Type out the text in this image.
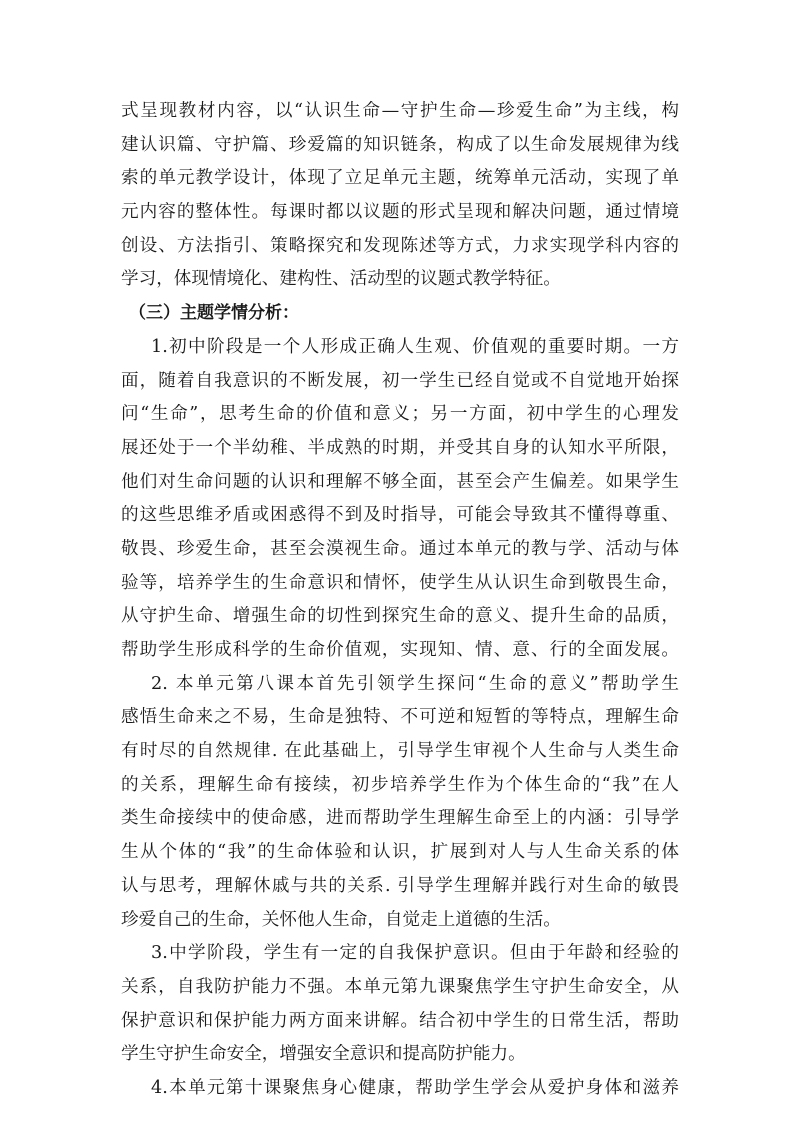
式呈现教材内容，以“认识生命—守护生命—珍爱生命”为主线，构
建认识篇、守护篇、珍爱篇的知识链条，构成了以生命发展规律为线
索的单元教学设计，体现了立足单元主题，统筹单元活动，实现了单
元内容的整体性。每课时都以议题的形式呈现和解决问题，通过情境
创设、方法指引、策略探究和发现陈述等方式，力求实现学科内容的
学习，体现情境化、建构性、活动型的议题式教学特征。
（三）主题学情分析：
1.初中阶段是一个人形成正确人生观、价值观的重要时期。一方
面，随着自我意识的不断发展，初一学生已经自觉或不自觉地开始探
问“生命”，思考生命的价值和意义；另一方面，初中学生的心理发
展还处于一个半幼稚、半成熟的时期，并受其自身的认知水平所限，
他们对生命问题的认识和理解不够全面，甚至会产生偏差。如果学生
的这些思维矛盾或困惑得不到及时指导，可能会导致其不懂得尊重、
敬畏、珍爱生命，甚至会漠视生命。通过本单元的教与学、活动与体
验等，培养学生的生命意识和情怀，使学生从认识生命到敬畏生命，
从守护生命、增强生命的切性到探究生命的意义、提升生命的品质，
帮助学生形成科学的生命价值观，实现知、情、意、行的全面发展。
2. 本单元第八课本首先引领学生探问“生命的意义”帮助学生
感悟生命来之不易，生命是独特、不可逆和短暂的等特点，理解生命
有时尽的自然规律. 在此基础上，引导学生审视个人生命与人类生命
的关系，理解生命有接续，初步培养学生作为个体生命的“我”在人
类生命接续中的使命感，进而帮助学生理解生命至上的内涵：引导学
生从个体的“我”的生命体验和认识，扩展到对人与人生命关系的体
认与思考，理解休戚与共的关系. 引导学生理解并践行对生命的敏畏
珍爱自己的生命，关怀他人生命，自觉走上道德的生活。
3.中学阶段，学生有一定的自我保护意识。但由于年龄和经验的
关系，自我防护能力不强。本单元第九课聚焦学生守护生命安全，从
保护意识和保护能力两方面来讲解。结合初中学生的日常生活，帮助
学生守护生命安全，增强安全意识和提高防护能力。
4.本单元第十课聚焦身心健康，帮助学生学会从爱护身体和滋养
